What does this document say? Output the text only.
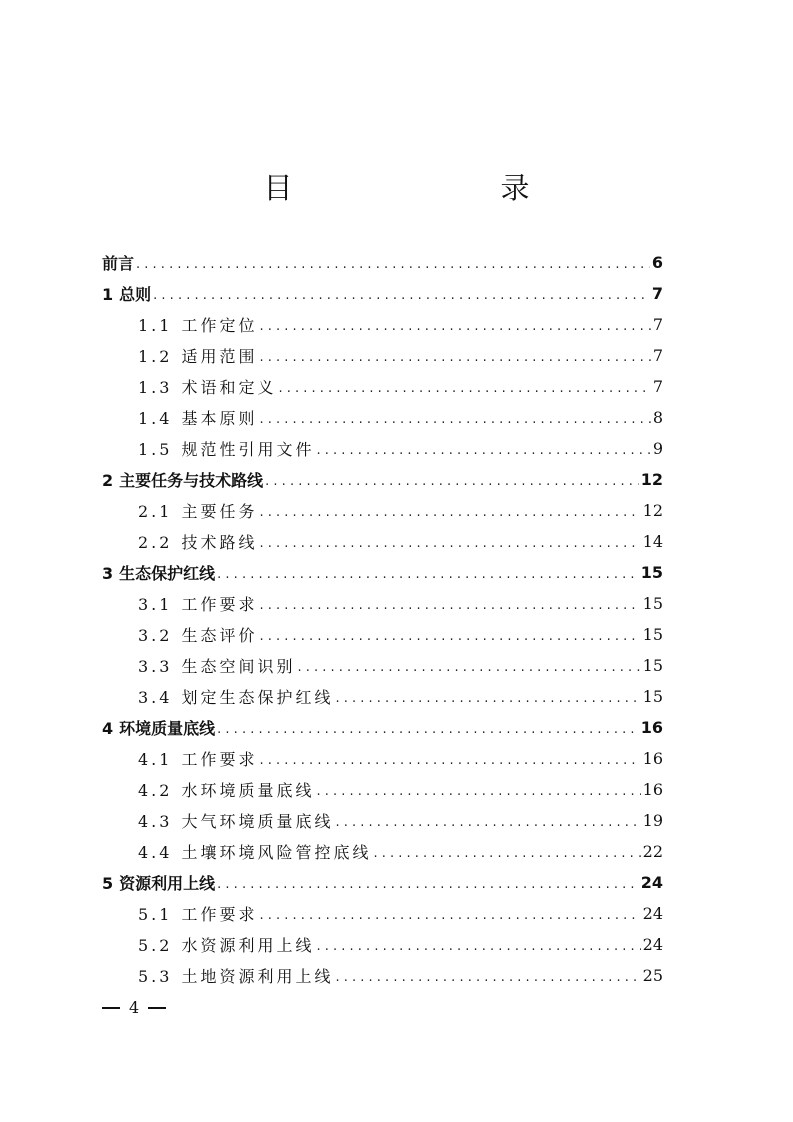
目　　录
前言 . . .	6
1 总则 . . .	7
1.1 工作定位 . . .	7
1.2 适用范围 . . .	7
1.3 术语和定义 . . .	7
1.4 基本原则 . . .	8
1.5 规范性引用文件 . . .	9
2 主要任务与技术路线 . . .	12
2.1 主要任务 . . .	12
2.2 技术路线 . . .	14
3 生态保护红线 . . .	15
3.1 工作要求 . . .	15
3.2 生态评价 . . .	15
3.3 生态空间识别 . . .	15
3.4 划定生态保护红线 . . .	15
4 环境质量底线 . . .	16
4.1 工作要求 . . .	16
4.2 水环境质量底线 . . .	16
4.3 大气环境质量底线 . . .	19
4.4 土壤环境风险管控底线 . . .	22
5 资源利用上线 . . .	24
5.1 工作要求 . . .	24
5.2 水资源利用上线 . . .	24
5.3 土地资源利用上线 . . .	25
4
